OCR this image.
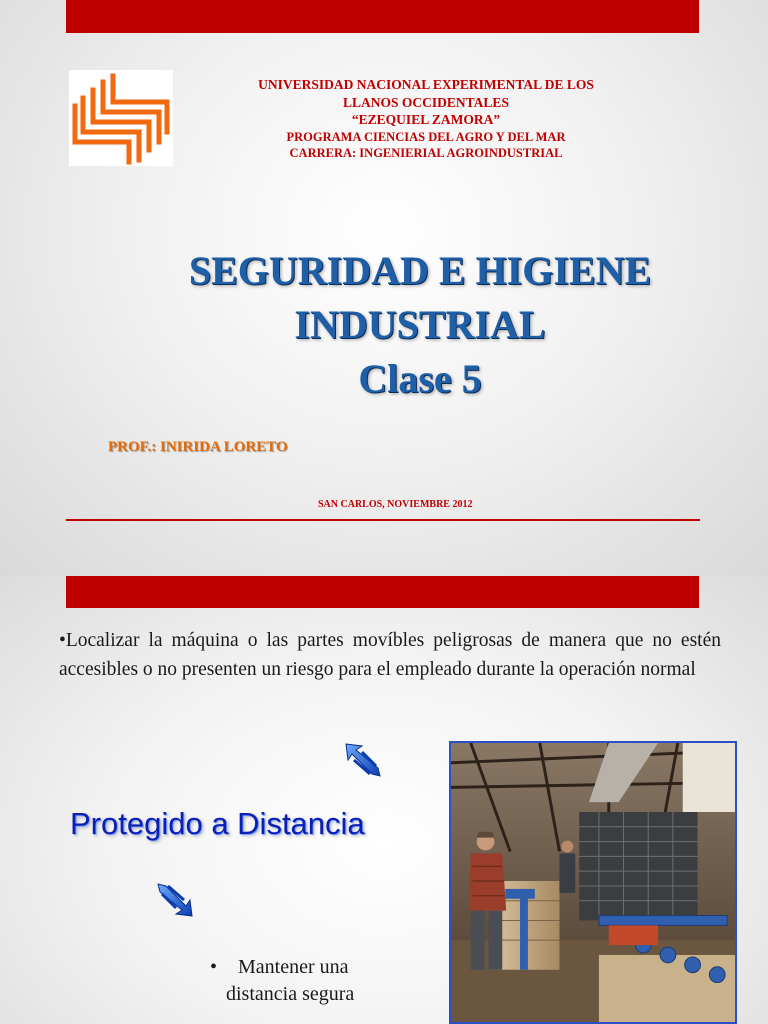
UNIVERSIDAD NACIONAL EXPERIMENTAL DE LOS
LLANOS OCCIDENTALES
“EZEQUIEL ZAMORA”
PROGRAMA CIENCIAS DEL AGRO Y DEL MAR
CARRERA: INGENIERIAL AGROINDUSTRIAL
SEGURIDAD E HIGIENE
INDUSTRIAL
Clase 5
PROF.: INIRIDA LORETO
SAN CARLOS, NOVIEMBRE 2012
•Localizar la máquina o las partes movíbles peligrosas de manera que no estén accesibles o no presenten un riesgo para el empleado durante la operación normal
Protegido a Distancia
• Mantener una
distancia segura
